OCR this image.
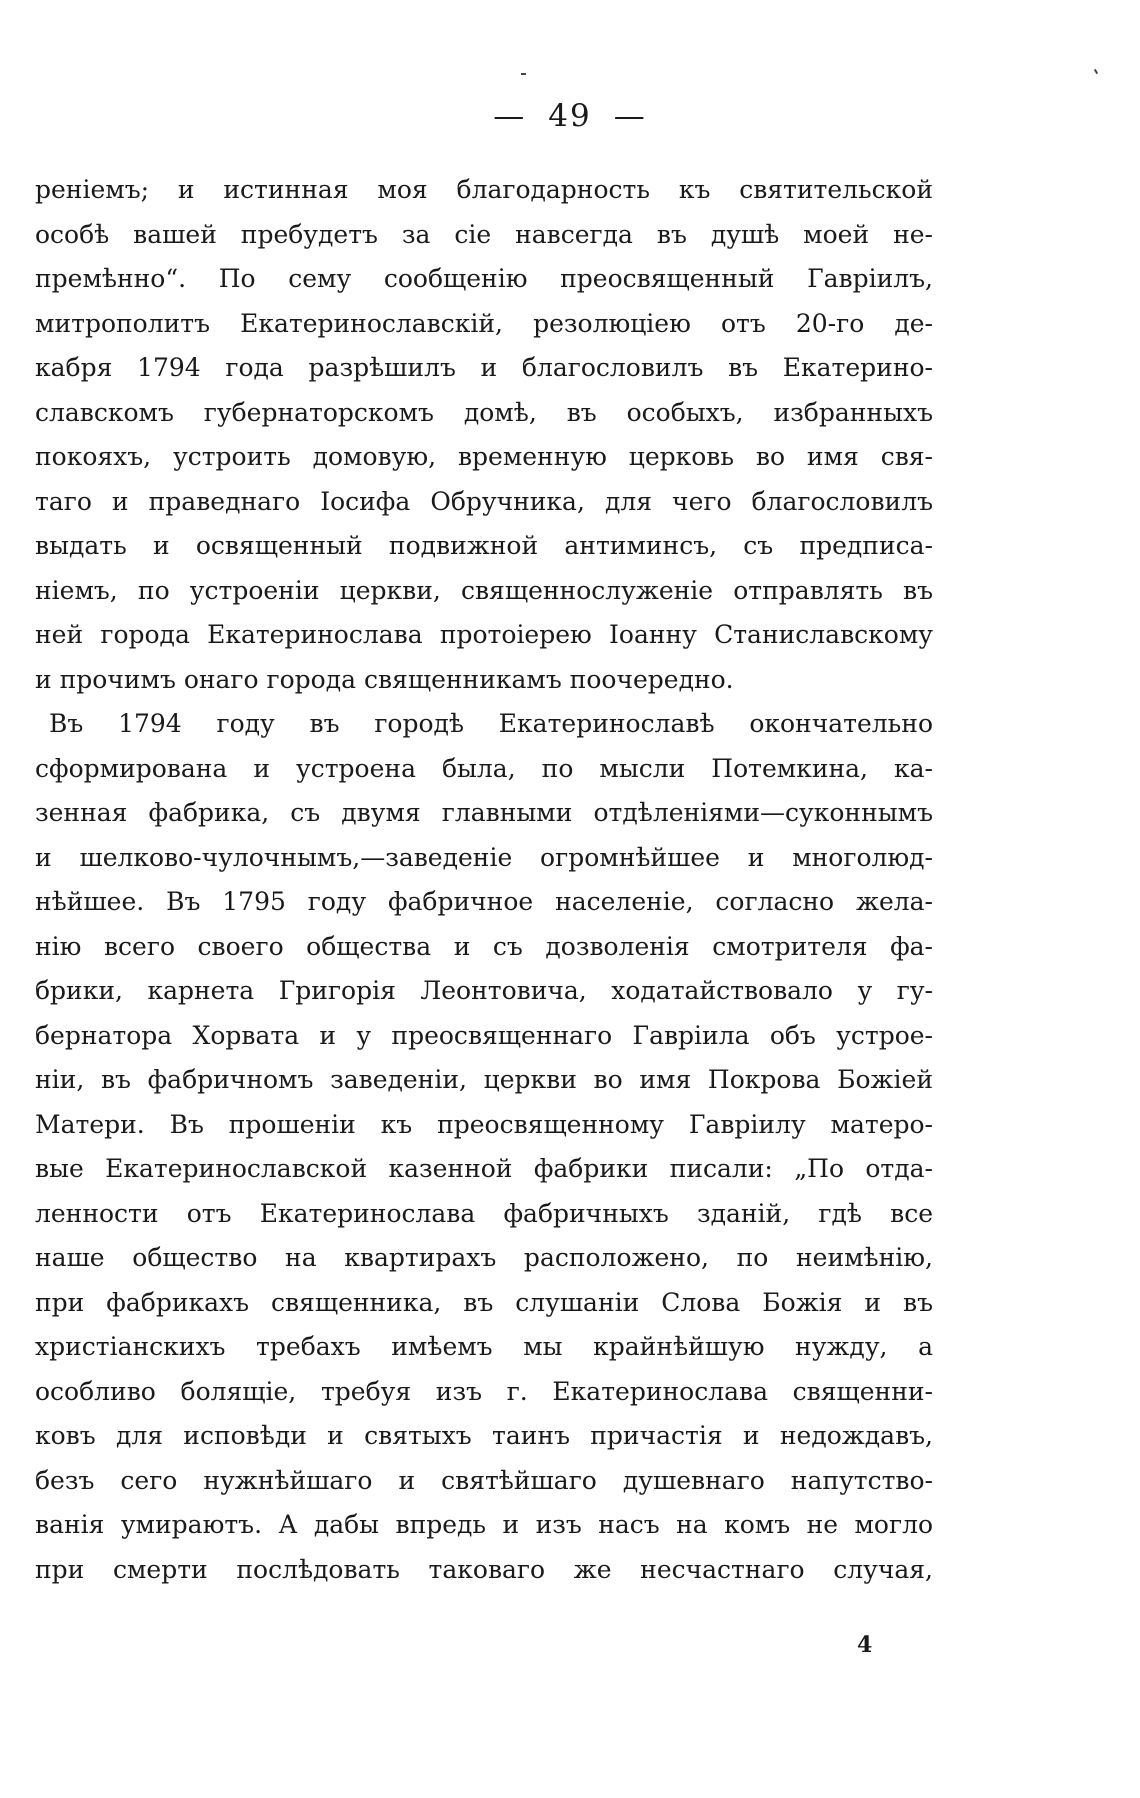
— 49 —
реніемъ; и истинная моя благодарность къ святительской
особѣ вашей пребудетъ за сіе навсегда въ душѣ моей не-
премѣнно“. По сему сообщенію преосвященный Гавріилъ,
митрополитъ Екатеринославскій, резолюціею отъ 20-го де-
кабря 1794 года разрѣшилъ и благословилъ въ Екатерино-
славскомъ губернаторскомъ домѣ, въ особыхъ, избранныхъ
покояхъ, устроить домовую, временную церковь во имя свя-
таго и праведнаго Іосифа Обручника, для чего благословилъ
выдать и освященный подвижной антиминсъ, съ предписа-
ніемъ, по устроеніи церкви, священнослуженіе отправлять въ
ней города Екатеринослава протоіерею Іоанну Станиславскому
и прочимъ онаго города священникамъ поочередно.
Въ 1794 году въ городѣ Екатеринославѣ окончательно
сформирована и устроена была, по мысли Потемкина, ка-
зенная фабрика, съ двумя главными отдѣленіями—суконнымъ
и шелково-чулочнымъ,—заведеніе огромнѣйшее и многолюд-
нѣйшее. Въ 1795 году фабричное населеніе, согласно жела-
нію всего своего общества и съ дозволенія смотрителя фа-
брики, карнета Григорія Леонтовича, ходатайствовало у гу-
бернатора Хорвата и у преосвященнаго Гавріила объ устрое-
ніи, въ фабричномъ заведеніи, церкви во имя Покрова Божіей
Матери. Въ прошеніи къ преосвященному Гавріилу матеро-
вые Екатеринославской казенной фабрики писали: „По отда-
ленности отъ Екатеринослава фабричныхъ зданій, гдѣ все
наше общество на квартирахъ расположено, по неимѣнію,
при фабрикахъ священника, въ слушаніи Слова Божія и въ
христіанскихъ требахъ имѣемъ мы крайнѣйшую нужду, а
особливо болящіе, требуя изъ г. Екатеринослава священни-
ковъ для исповѣди и святыхъ таинъ причастія и недождавъ,
безъ сего нужнѣйшаго и святѣйшаго душевнаго напутство-
ванія умираютъ. А дабы впредь и изъ насъ на комъ не могло
при смерти послѣдовать таковаго же несчастнаго случая,
4
